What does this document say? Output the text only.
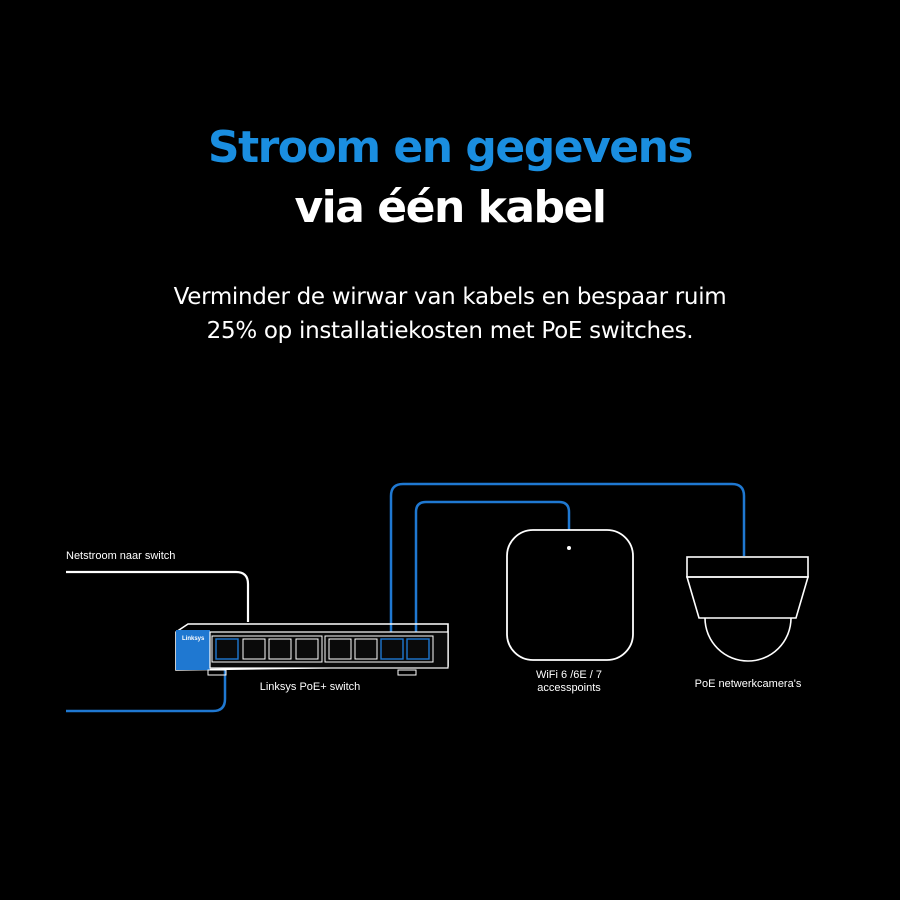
Stroom en gegevens
via één kabel
Verminder de wirwar van kabels en bespaar ruim
25% op installatiekosten met PoE switches.
Linksys
Netstroom naar switch
Linksys PoE+ switch
WiFi 6 /6E / 7
accesspoints	PoE netwerkcamera's
